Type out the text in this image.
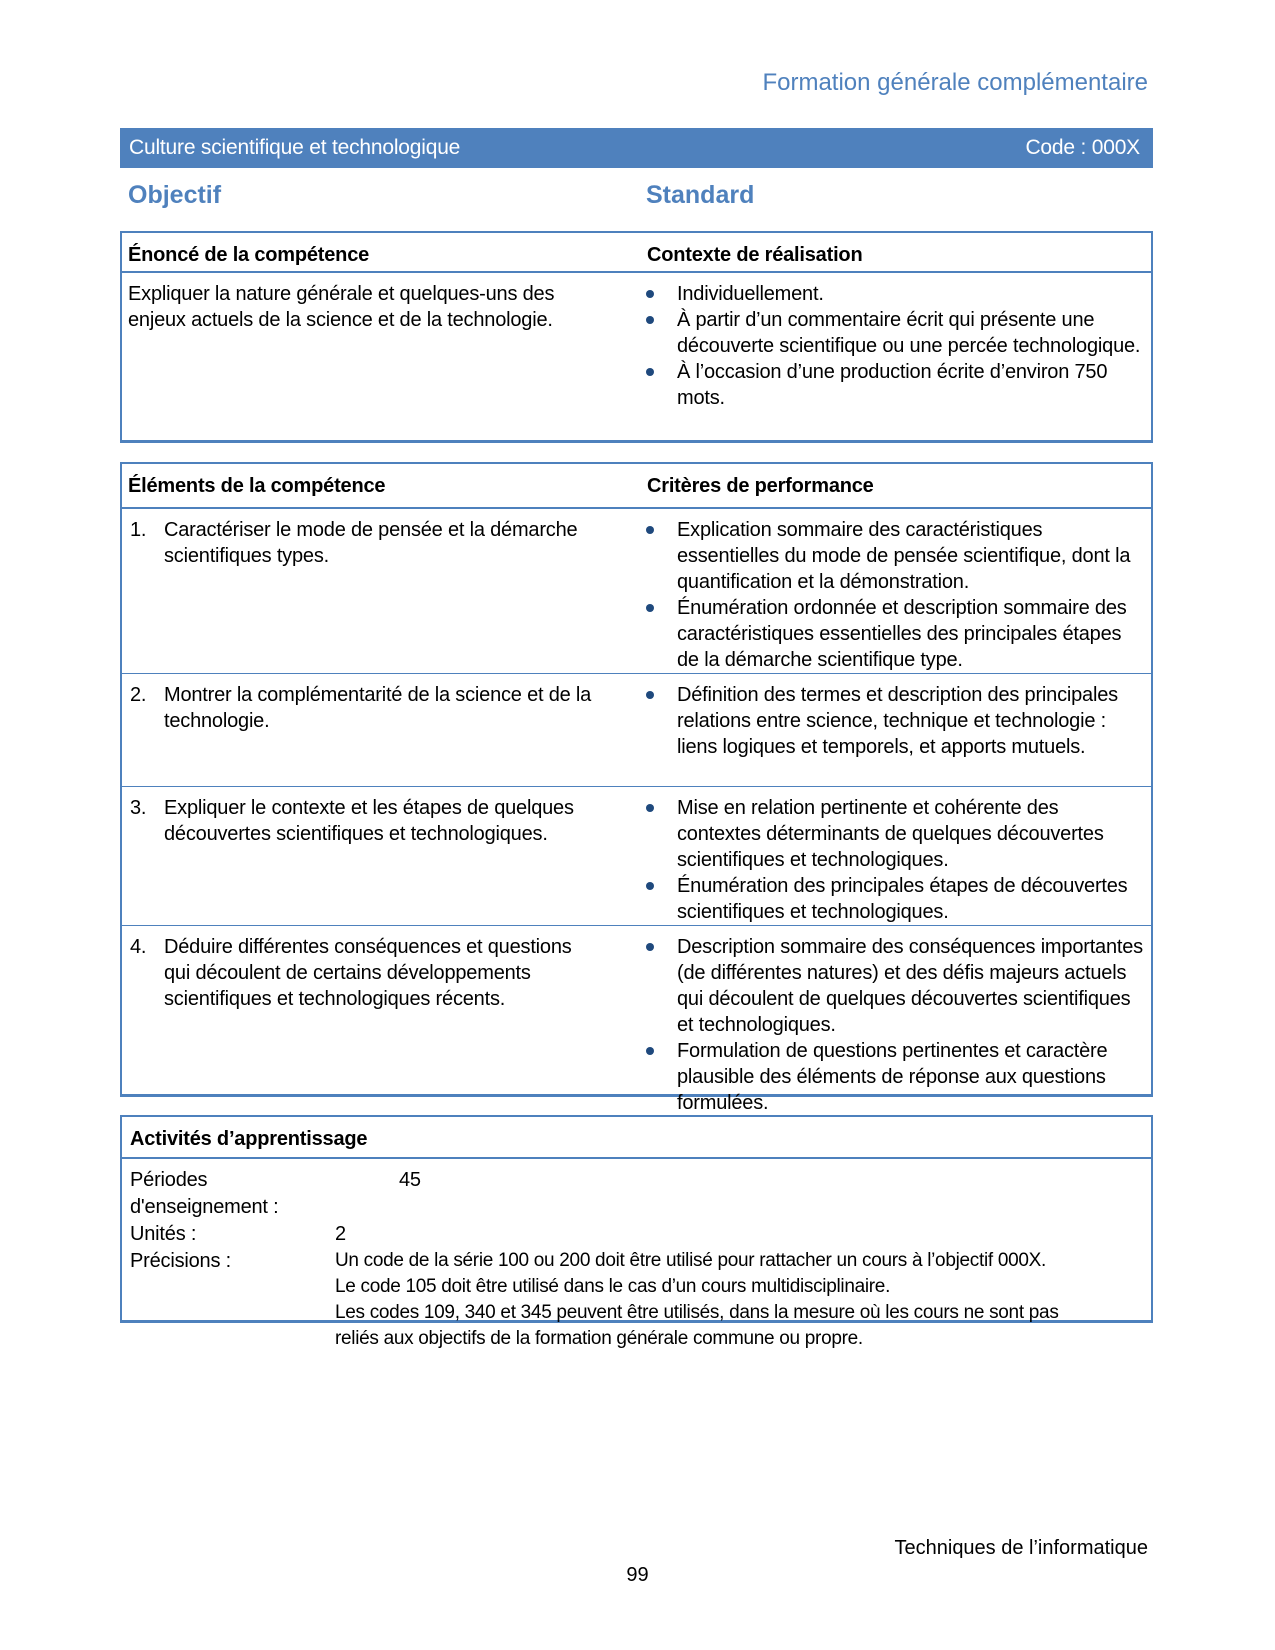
Formation générale complémentaire
Culture scientifique et technologique	Code : 000X
Objectif	Standard
Énoncé de la compétence	Contexte de réalisation
Expliquer la nature générale et quelques-uns des enjeux actuels de la science et de la technologie.
Individuellement.
À partir d’un commentaire écrit qui présente une découverte scientifique ou une percée technologique.
À l’occasion d’une production écrite d’environ 750 mots.
Éléments de la compétence	Critères de performance
1. Caractériser le mode de pensée et la démarche scientifiques types.
Explication sommaire des caractéristiques essentielles du mode de pensée scientifique, dont la quantification et la démonstration.
Énumération ordonnée et description sommaire des caractéristiques essentielles des principales étapes de la démarche scientifique type.
2. Montrer la complémentarité de la science et de la technologie.
Définition des termes et description des principales relations entre science, technique et technologie : liens logiques et temporels, et apports mutuels.
3. Expliquer le contexte et les étapes de quelques découvertes scientifiques et technologiques.
Mise en relation pertinente et cohérente des contextes déterminants de quelques découvertes scientifiques et technologiques.
Énumération des principales étapes de découvertes scientifiques et technologiques.
4. Déduire différentes conséquences et questions qui découlent de certains développements scientifiques et technologiques récents.
Description sommaire des conséquences importantes (de différentes natures) et des défis majeurs actuels qui découlent de quelques découvertes scientifiques et technologiques.
Formulation de questions pertinentes et caractère plausible des éléments de réponse aux questions formulées.
Activités d’apprentissage
Périodes d'enseignement :
45
Unités :	2
Précisions :	Un code de la série 100 ou 200 doit être utilisé pour rattacher un cours à l’objectif 000X.
Le code 105 doit être utilisé dans le cas d’un cours multidisciplinaire.
Les codes 109, 340 et 345 peuvent être utilisés, dans la mesure où les cours ne sont pas
reliés aux objectifs de la formation générale commune ou propre.
Techniques de l’informatique
99
